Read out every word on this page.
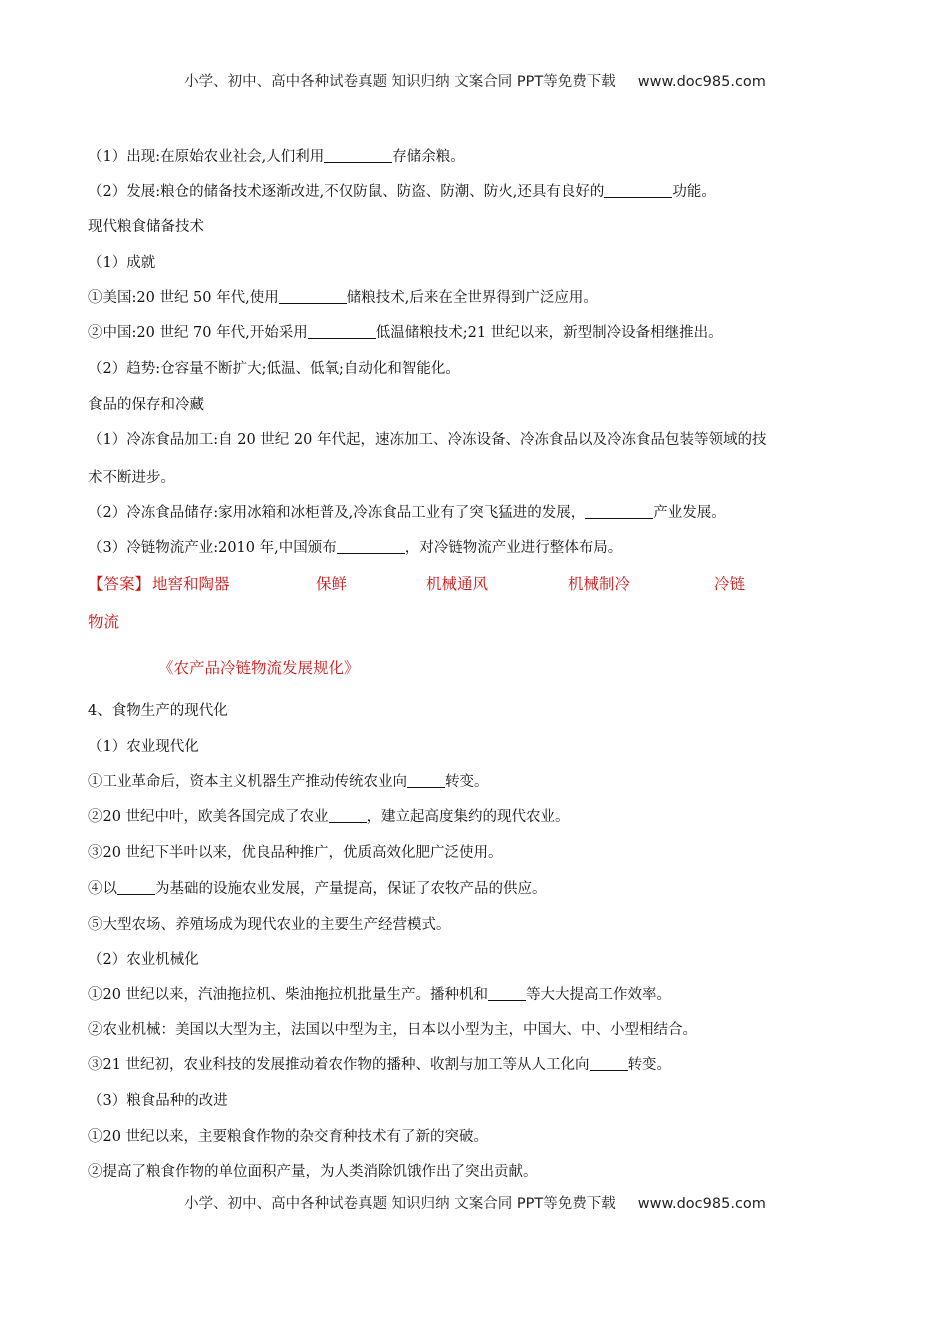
小学、初中、高中各种试卷真题 知识归纳 文案合同 PPT等免费下载 www.doc985.com
（1）出现:在原始农业社会,人们利用	存储余粮。
（2）发展:粮仓的储备技术逐渐改进,不仅防鼠、防盗、防潮、防火,还具有良好的	功能。
现代粮食储备技术
（1）成就
①美国:20 世纪 50 年代,使用	储粮技术,后来在全世界得到广泛应用。
②中国:20 世纪 70 年代,开始采用	低温储粮技术;21 世纪以来，新型制冷设备相继推出。
（2）趋势:仓容量不断扩大;低温、低氧;自动化和智能化。
食品的保存和冷藏
（1）冷冻食品加工:自 20 世纪 20 年代起，速冻加工、冷冻设备、冷冻食品以及冷冻食品包装等领域的技
术不断进步。
（2）冷冻食品储存:家用冰箱和冰柜普及,冷冻食品工业有了突飞猛进的发展，	产业发展。
（3）冷链物流产业:2010 年,中国颁布	，对冷链物流产业进行整体布局。
【答案】 地窖和陶器	保鲜	机械通风	机械制冷	冷链
物流
《农产品冷链物流发展规化》
4、食物生产的现代化
（1）农业现代化
①工业革命后，资本主义机器生产推动传统农业向	转变。
②20 世纪中叶，欧美各国完成了农业	，建立起高度集约的现代农业。
③20 世纪下半叶以来，优良品种推广，优质高效化肥广泛使用。
④以	为基础的设施农业发展，产量提高，保证了农牧产品的供应。
⑤大型农场、养殖场成为现代农业的主要生产经营模式。
（2）农业机械化
①20 世纪以来，汽油拖拉机、柴油拖拉机批量生产。播种机和	等大大提高工作效率。
②农业机械：美国以大型为主，法国以中型为主，日本以小型为主，中国大、中、小型相结合。
③21 世纪初，农业科技的发展推动着农作物的播种、收割与加工等从人工化向	转变。
（3）粮食品种的改进
①20 世纪以来，主要粮食作物的杂交育种技术有了新的突破。
②提高了粮食作物的单位面积产量，为人类消除饥饿作出了突出贡献。
小学、初中、高中各种试卷真题 知识归纳 文案合同 PPT等免费下载 www.doc985.com
